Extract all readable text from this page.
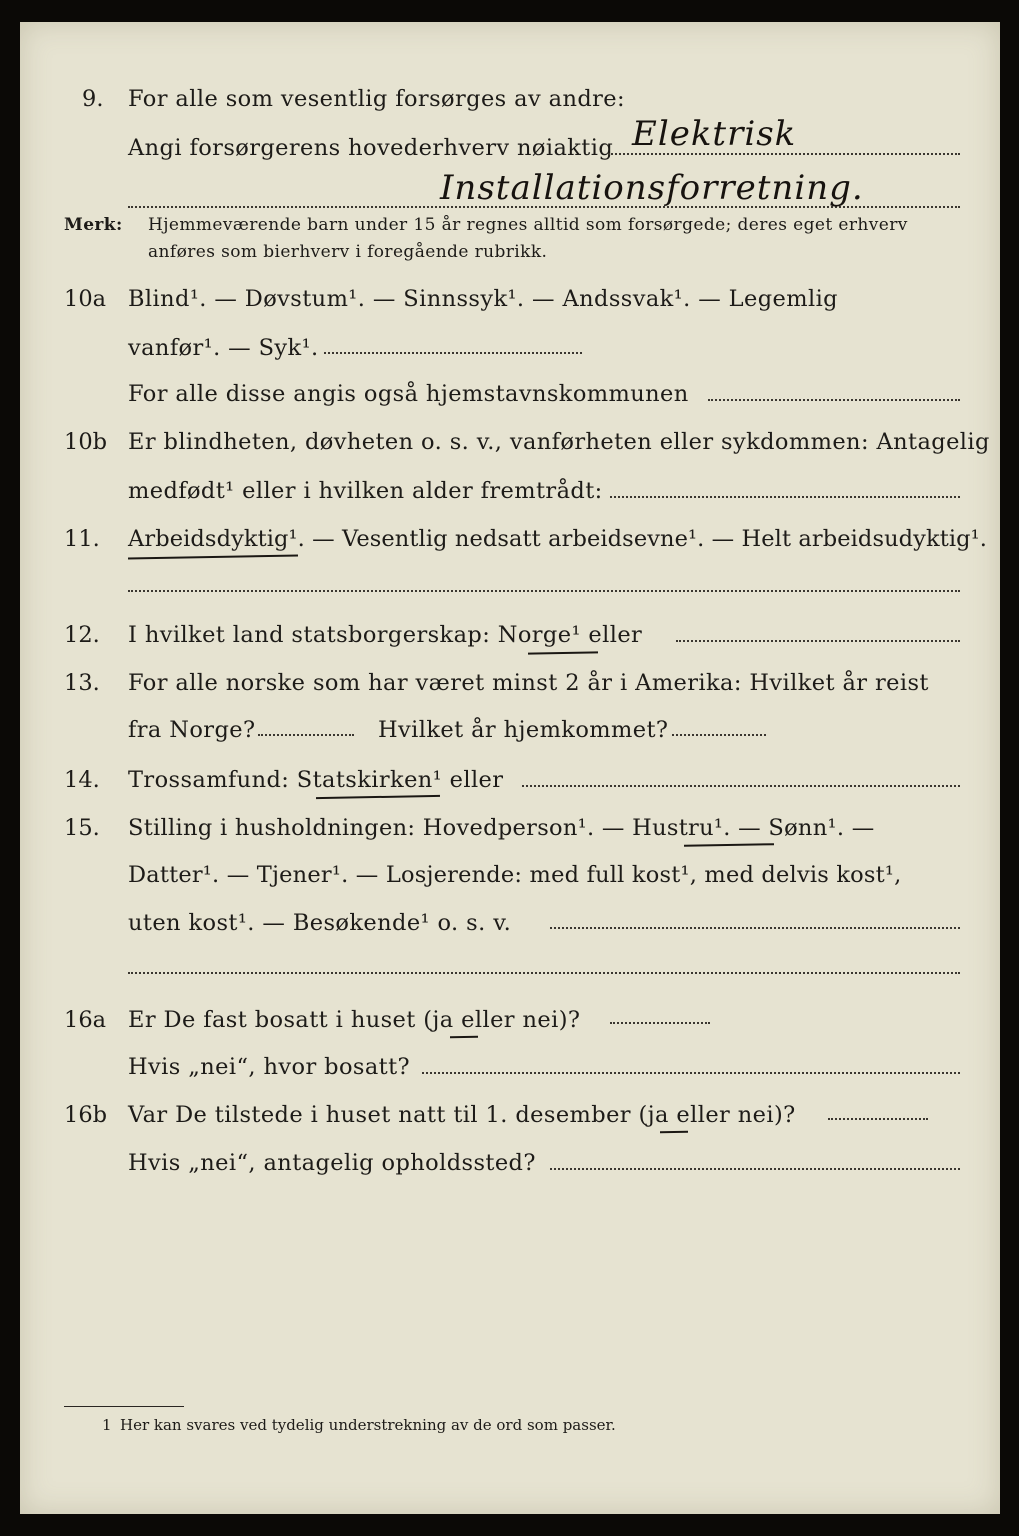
9. For alle som vesentlig forsørges av andre:
Angi forsørgerens hovederhverv nøiaktig Elektrisk
Installationsforretning.
Merk: Hjemmeværende barn under 15 år regnes alltid som forsørgede; deres eget erhverv
anføres som bierhverv i foregående rubrikk.
10a Blind¹. — Døvstum¹. — Sinnssyk¹. — Andssvak¹. — Legemlig
vanfør¹. — Syk¹.
For alle disse angis også hjemstavnskommunen
10b Er blindheten, døvheten o. s. v., vanførheten eller sykdommen: Antagelig
medfødt¹ eller i hvilken alder fremtrådt:
11. Arbeidsdyktig¹. — Vesentlig nedsatt arbeidsevne¹. — Helt arbeidsudyktig¹.
12. I hvilket land statsborgerskap: Norge¹ eller
13. For alle norske som har været minst 2 år i Amerika: Hvilket år reist
fra Norge?	Hvilket år hjemkommet?
14. Trossamfund: Statskirken¹ eller
15. Stilling i husholdningen: Hovedperson¹. — Hustru¹. — Sønn¹. —
Datter¹. — Tjener¹. — Losjerende: med full kost¹, med delvis kost¹,
uten kost¹. — Besøkende¹ o. s. v.
16a Er De fast bosatt i huset (ja eller nei)?
Hvis „nei“, hvor bosatt?
16b Var De tilstede i huset natt til 1. desember (ja eller nei)?
Hvis „nei“, antagelig opholdssted?
1 Her kan svares ved tydelig understrekning av de ord som passer.
